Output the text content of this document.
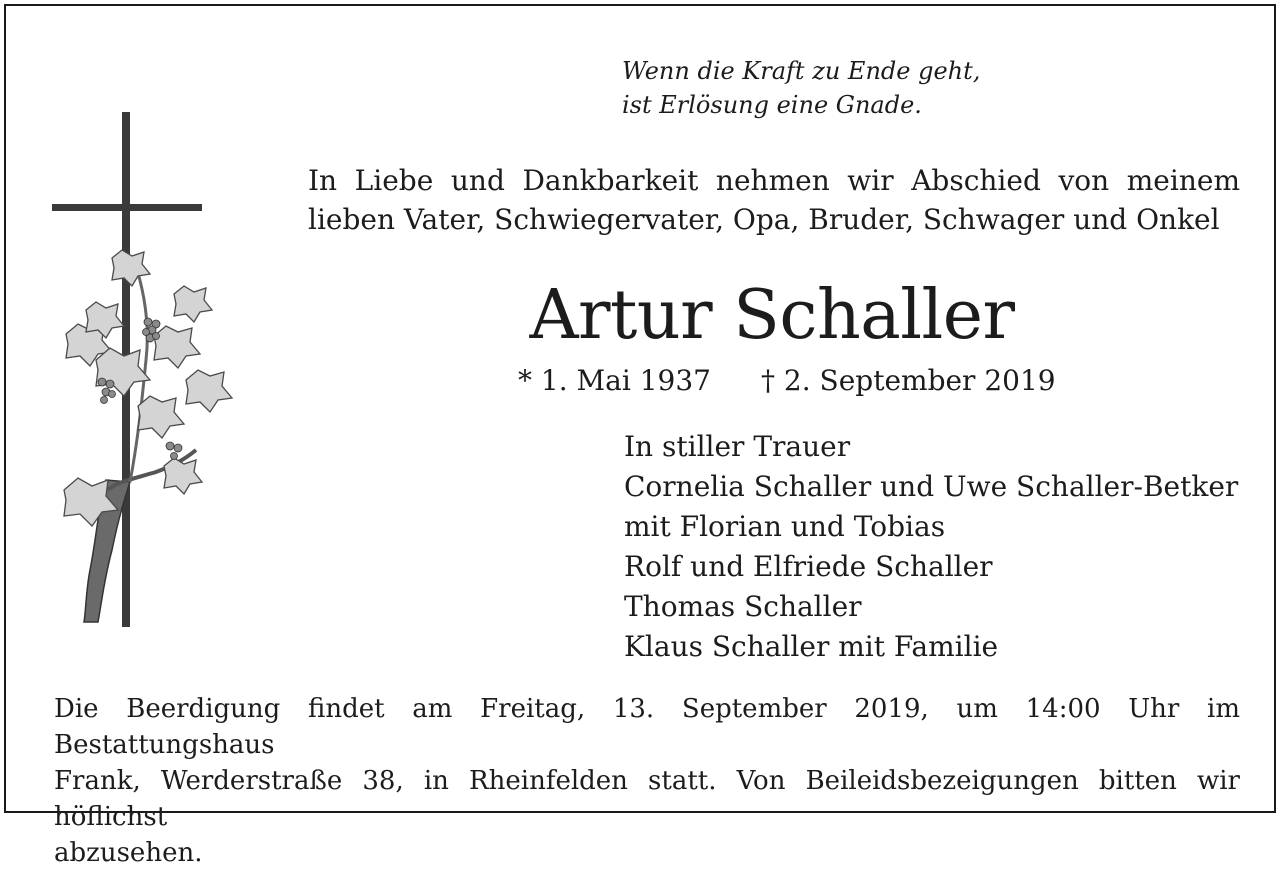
Wenn die Kraft zu Ende geht,
ist Erlösung eine Gnade.
In Liebe und Dankbarkeit nehmen wir Abschied von meinem
lieben Vater, Schwiegervater, Opa, Bruder, Schwager und Onkel
Artur Schaller
* 1. Mai 1937 † 2. September 2019
In stiller Trauer
Cornelia Schaller und Uwe Schaller-Betker
mit Florian und Tobias
Rolf und Elfriede Schaller
Thomas Schaller
Klaus Schaller mit Familie
Die Beerdigung findet am Freitag, 13. September 2019, um 14:00 Uhr im Bestattungshaus
Frank, Werderstraße 38, in Rheinfelden statt. Von Beileidsbezeigungen bitten wir höflichst
abzusehen.
